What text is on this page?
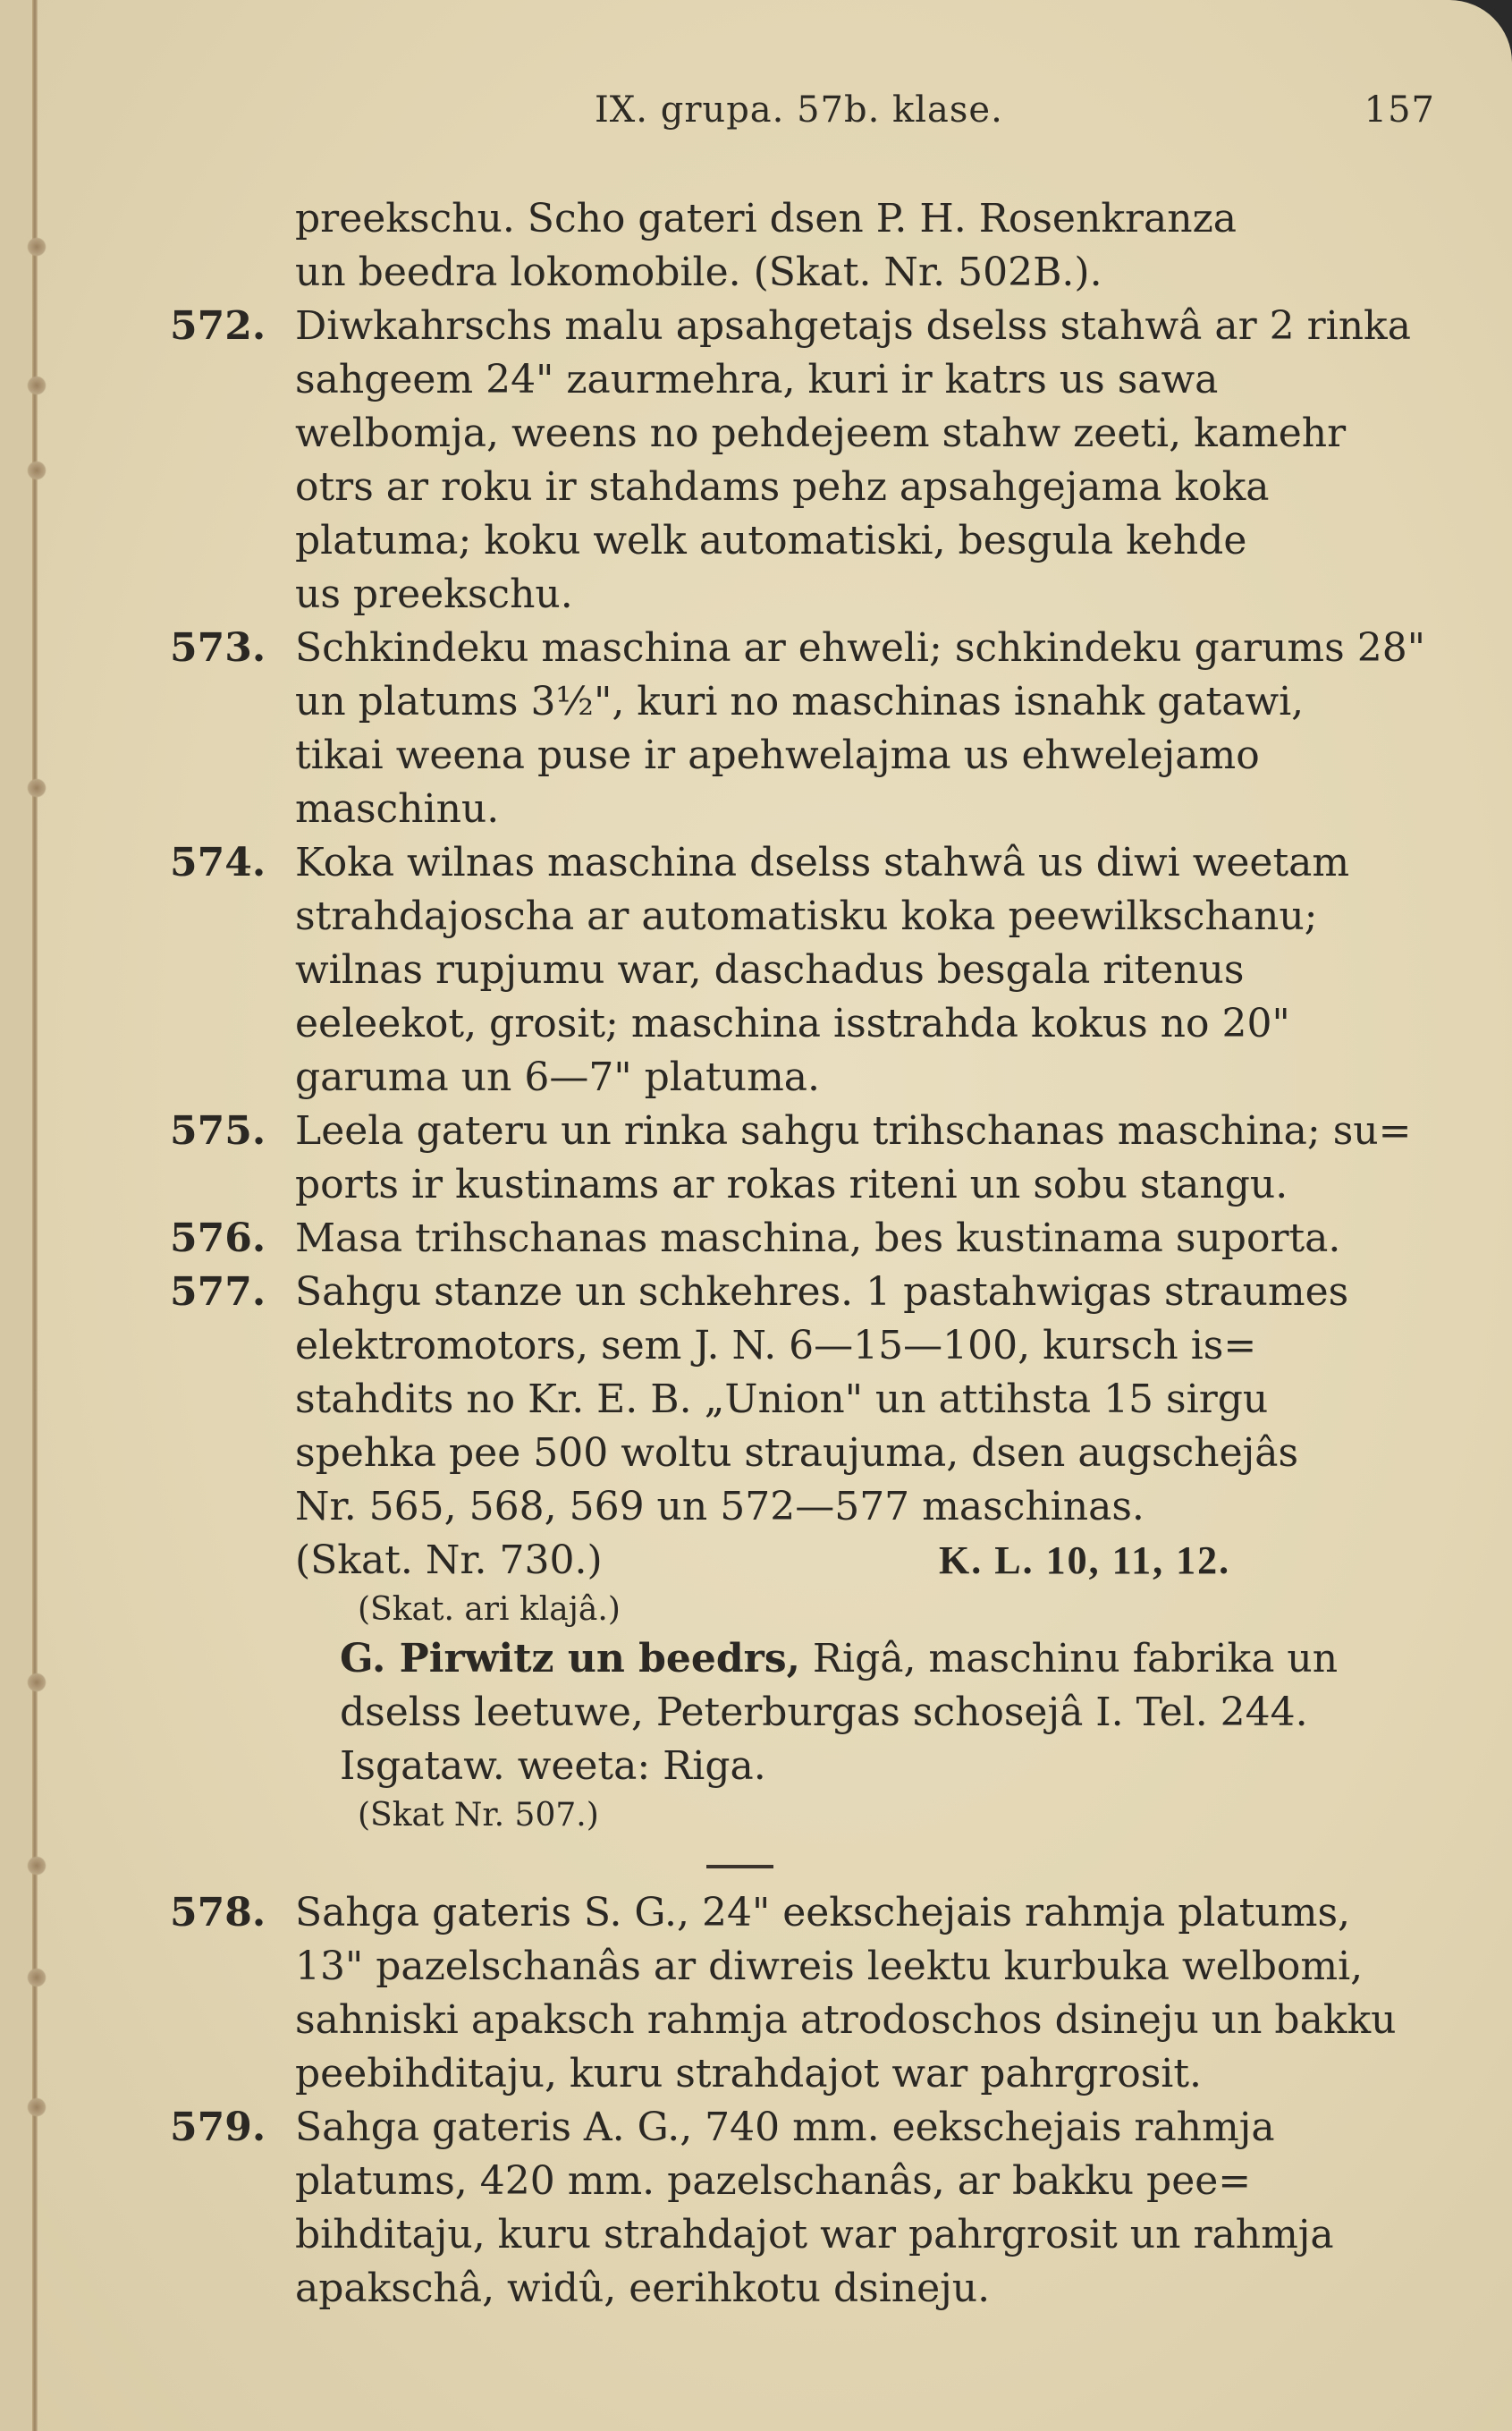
IX. grupa. 57b. klase.	157
preekschu. Scho gateri dsen P. H. Rosenkranza
un beedra lokomobile. (Skat. Nr. 502B.).
572. Diwkahrschs malu apsahgetajs dselss stahwâ ar 2 rinka
sahgeem 24" zaurmehra, kuri ir katrs us sawa
welbomja, weens no pehdejeem stahw zeeti, kamehr
otrs ar roku ir stahdams pehz apsahgejama koka
platuma; koku welk automatiski, besgula kehde
us preekschu.
573. Schkindeku maschina ar ehweli; schkindeku garums 28"
un platums 3½", kuri no maschinas isnahk gatawi,
tikai weena puse ir apehwelajma us ehwelejamo
maschinu.
574. Koka wilnas maschina dselss stahwâ us diwi weetam
strahdajoscha ar automatisku koka peewilkschanu;
wilnas rupjumu war, daschadus besgala ritenus
eeleekot, grosit; maschina isstrahda kokus no 20"
garuma un 6—7" platuma.
575. Leela gateru un rinka sahgu trihschanas maschina; su=
ports ir kustinams ar rokas riteni un sobu stangu.
576. Masa trihschanas maschina, bes kustinama suporta.
577. Sahgu stanze un schkehres. 1 pastahwigas straumes
elektromotors, sem J. N. 6—15—100, kursch is=
stahdits no Kr. E. B. „Union" un attihsta 15 sirgu
spehka pee 500 woltu straujuma, dsen augschejâs
Nr. 565, 568, 569 un 572—577 maschinas.
(Skat. Nr. 730.)	K. L. 10, 11, 12.
(Skat. ari klajâ.)
G. Pirwitz un beedrs, Rigâ, maschinu fabrika un
dselss leetuwe, Peterburgas schosejâ I. Tel. 244.
Isgataw. weeta: Riga.
(Skat Nr. 507.)
578. Sahga gateris S. G., 24" eekschejais rahmja platums,
13" pazelschanâs ar diwreis leektu kurbuka welbomi,
sahniski apaksch rahmja atrodoschos dsineju un bakku
peebihditaju, kuru strahdajot war pahrgrosit.
579. Sahga gateris A. G., 740 mm. eekschejais rahmja
platums, 420 mm. pazelschanâs, ar bakku pee=
bihditaju, kuru strahdajot war pahrgrosit un rahmja
apakschâ, widû, eerihkotu dsineju.
